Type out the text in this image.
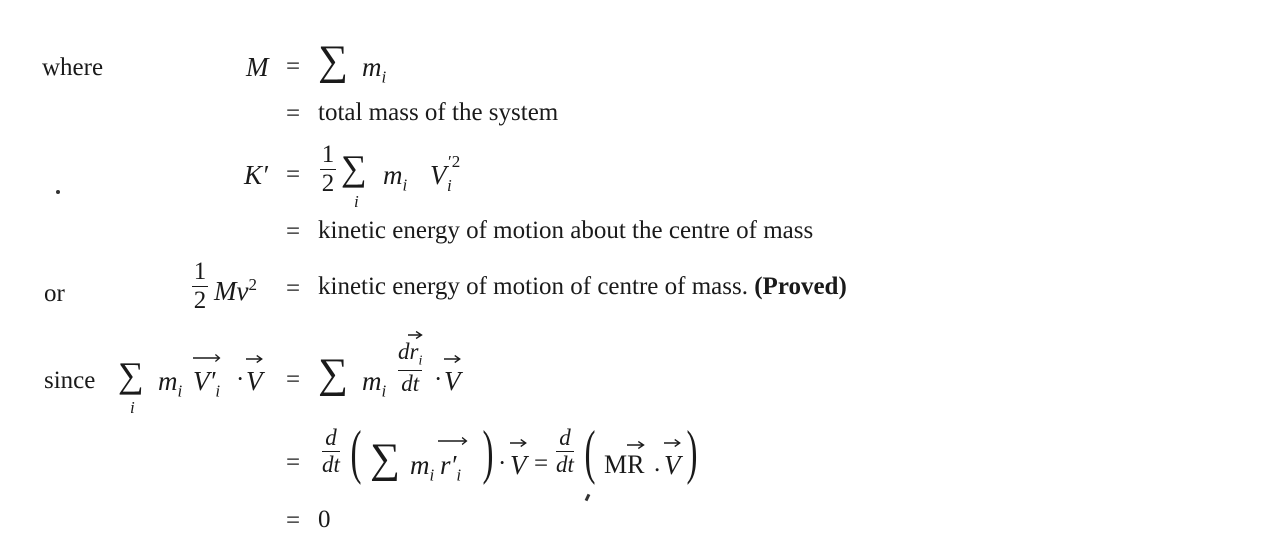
where	M = ∑ $m_i$
= total mass of the system
$K' = \frac{1}{2}$ ∑
i
$m_i$ V ′2
i
= kinetic energy of motion about the centre of mass
or	$\frac{1}{2} Mv^2$ = kinetic energy of motion of centre of mass. (Proved)
since ∑
i
$m_i$ $V'_i \cdot V$ = ∑ $m_i \frac{dr_i}{dt} \cdot V$
= $\frac{d}{dt}$ ( ∑ $m_i$ $r'_i$ ) · $V = \frac{d}{dt}$ ( M
R . V )
= 0
